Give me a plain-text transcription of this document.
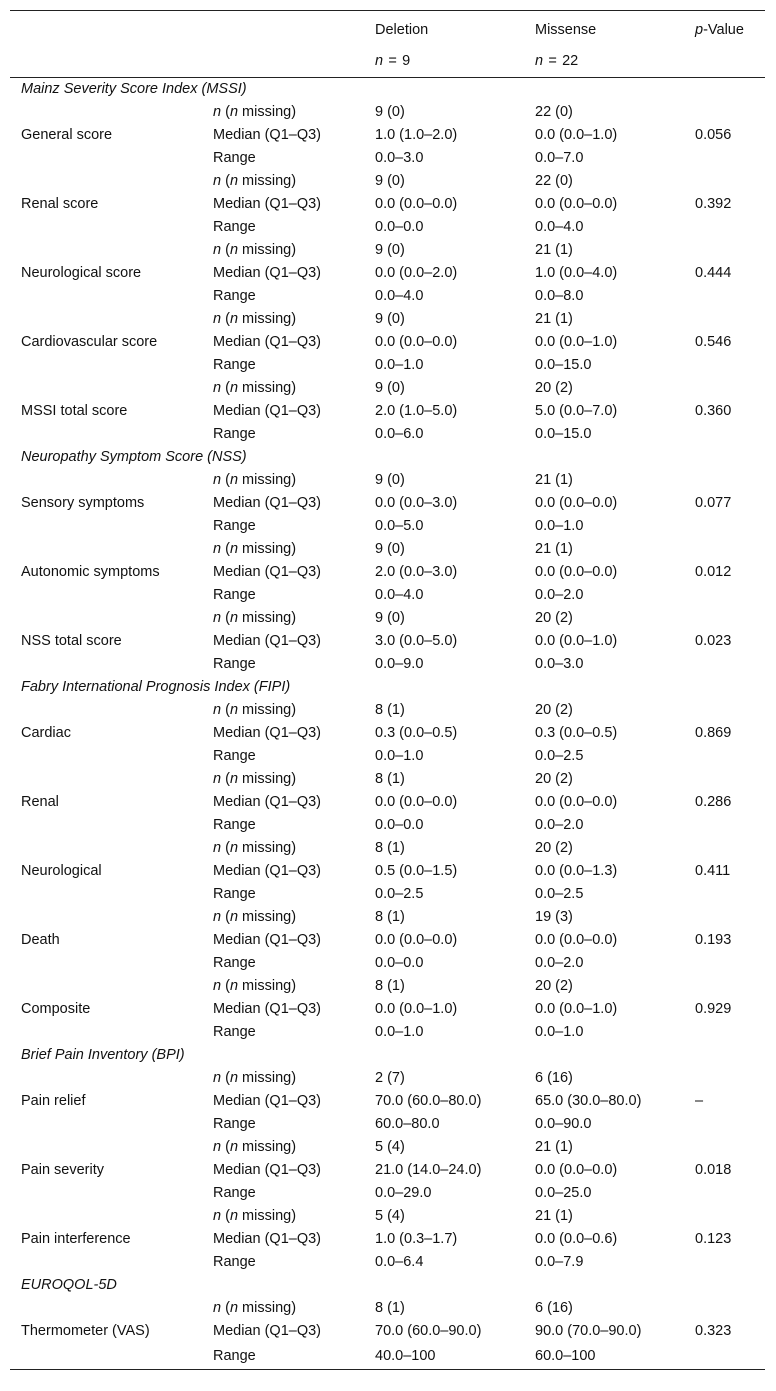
		Deletion	Missense	p-Value
		n = 9	n = 22	
Mainz Severity Score Index (MSSI)				
	n (n missing)	9 (0)	22 (0)	
General score	Median (Q1–Q3)	1.0 (1.0–2.0)	0.0 (0.0–1.0)	0.056
	Range	0.0–3.0	0.0–7.0	
	n (n missing)	9 (0)	22 (0)	
Renal score	Median (Q1–Q3)	0.0 (0.0–0.0)	0.0 (0.0–0.0)	0.392
	Range	0.0–0.0	0.0–4.0	
	n (n missing)	9 (0)	21 (1)	
Neurological score	Median (Q1–Q3)	0.0 (0.0–2.0)	1.0 (0.0–4.0)	0.444
	Range	0.0–4.0	0.0–8.0	
	n (n missing)	9 (0)	21 (1)	
Cardiovascular score	Median (Q1–Q3)	0.0 (0.0–0.0)	0.0 (0.0–1.0)	0.546
	Range	0.0–1.0	0.0–15.0	
	n (n missing)	9 (0)	20 (2)	
MSSI total score	Median (Q1–Q3)	2.0 (1.0–5.0)	5.0 (0.0–7.0)	0.360
	Range	0.0–6.0	0.0–15.0	
Neuropathy Symptom Score (NSS)				
	n (n missing)	9 (0)	21 (1)	
Sensory symptoms	Median (Q1–Q3)	0.0 (0.0–3.0)	0.0 (0.0–0.0)	0.077
	Range	0.0–5.0	0.0–1.0	
	n (n missing)	9 (0)	21 (1)	
Autonomic symptoms	Median (Q1–Q3)	2.0 (0.0–3.0)	0.0 (0.0–0.0)	0.012
	Range	0.0–4.0	0.0–2.0	
	n (n missing)	9 (0)	20 (2)	
NSS total score	Median (Q1–Q3)	3.0 (0.0–5.0)	0.0 (0.0–1.0)	0.023
	Range	0.0–9.0	0.0–3.0	
Fabry International Prognosis Index (FIPI)				
	n (n missing)	8 (1)	20 (2)	
Cardiac	Median (Q1–Q3)	0.3 (0.0–0.5)	0.3 (0.0–0.5)	0.869
	Range	0.0–1.0	0.0–2.5	
	n (n missing)	8 (1)	20 (2)	
Renal	Median (Q1–Q3)	0.0 (0.0–0.0)	0.0 (0.0–0.0)	0.286
	Range	0.0–0.0	0.0–2.0	
	n (n missing)	8 (1)	20 (2)	
Neurological	Median (Q1–Q3)	0.5 (0.0–1.5)	0.0 (0.0–1.3)	0.411
	Range	0.0–2.5	0.0–2.5	
	n (n missing)	8 (1)	19 (3)	
Death	Median (Q1–Q3)	0.0 (0.0–0.0)	0.0 (0.0–0.0)	0.193
	Range	0.0–0.0	0.0–2.0	
	n (n missing)	8 (1)	20 (2)	
Composite	Median (Q1–Q3)	0.0 (0.0–1.0)	0.0 (0.0–1.0)	0.929
	Range	0.0–1.0	0.0–1.0	
Brief Pain Inventory (BPI)				
	n (n missing)	2 (7)	6 (16)	
Pain relief	Median (Q1–Q3)	70.0 (60.0–80.0)	65.0 (30.0–80.0)	–
	Range	60.0–80.0	0.0–90.0	
	n (n missing)	5 (4)	21 (1)	
Pain severity	Median (Q1–Q3)	21.0 (14.0–24.0)	0.0 (0.0–0.0)	0.018
	Range	0.0–29.0	0.0–25.0	
	n (n missing)	5 (4)	21 (1)	
Pain interference	Median (Q1–Q3)	1.0 (0.3–1.7)	0.0 (0.0–0.6)	0.123
	Range	0.0–6.4	0.0–7.9	
EUROQOL-5D				
	n (n missing)	8 (1)	6 (16)	
Thermometer (VAS)	Median (Q1–Q3)	70.0 (60.0–90.0)	90.0 (70.0–90.0)	0.323
	Range	40.0–100	60.0–100	
